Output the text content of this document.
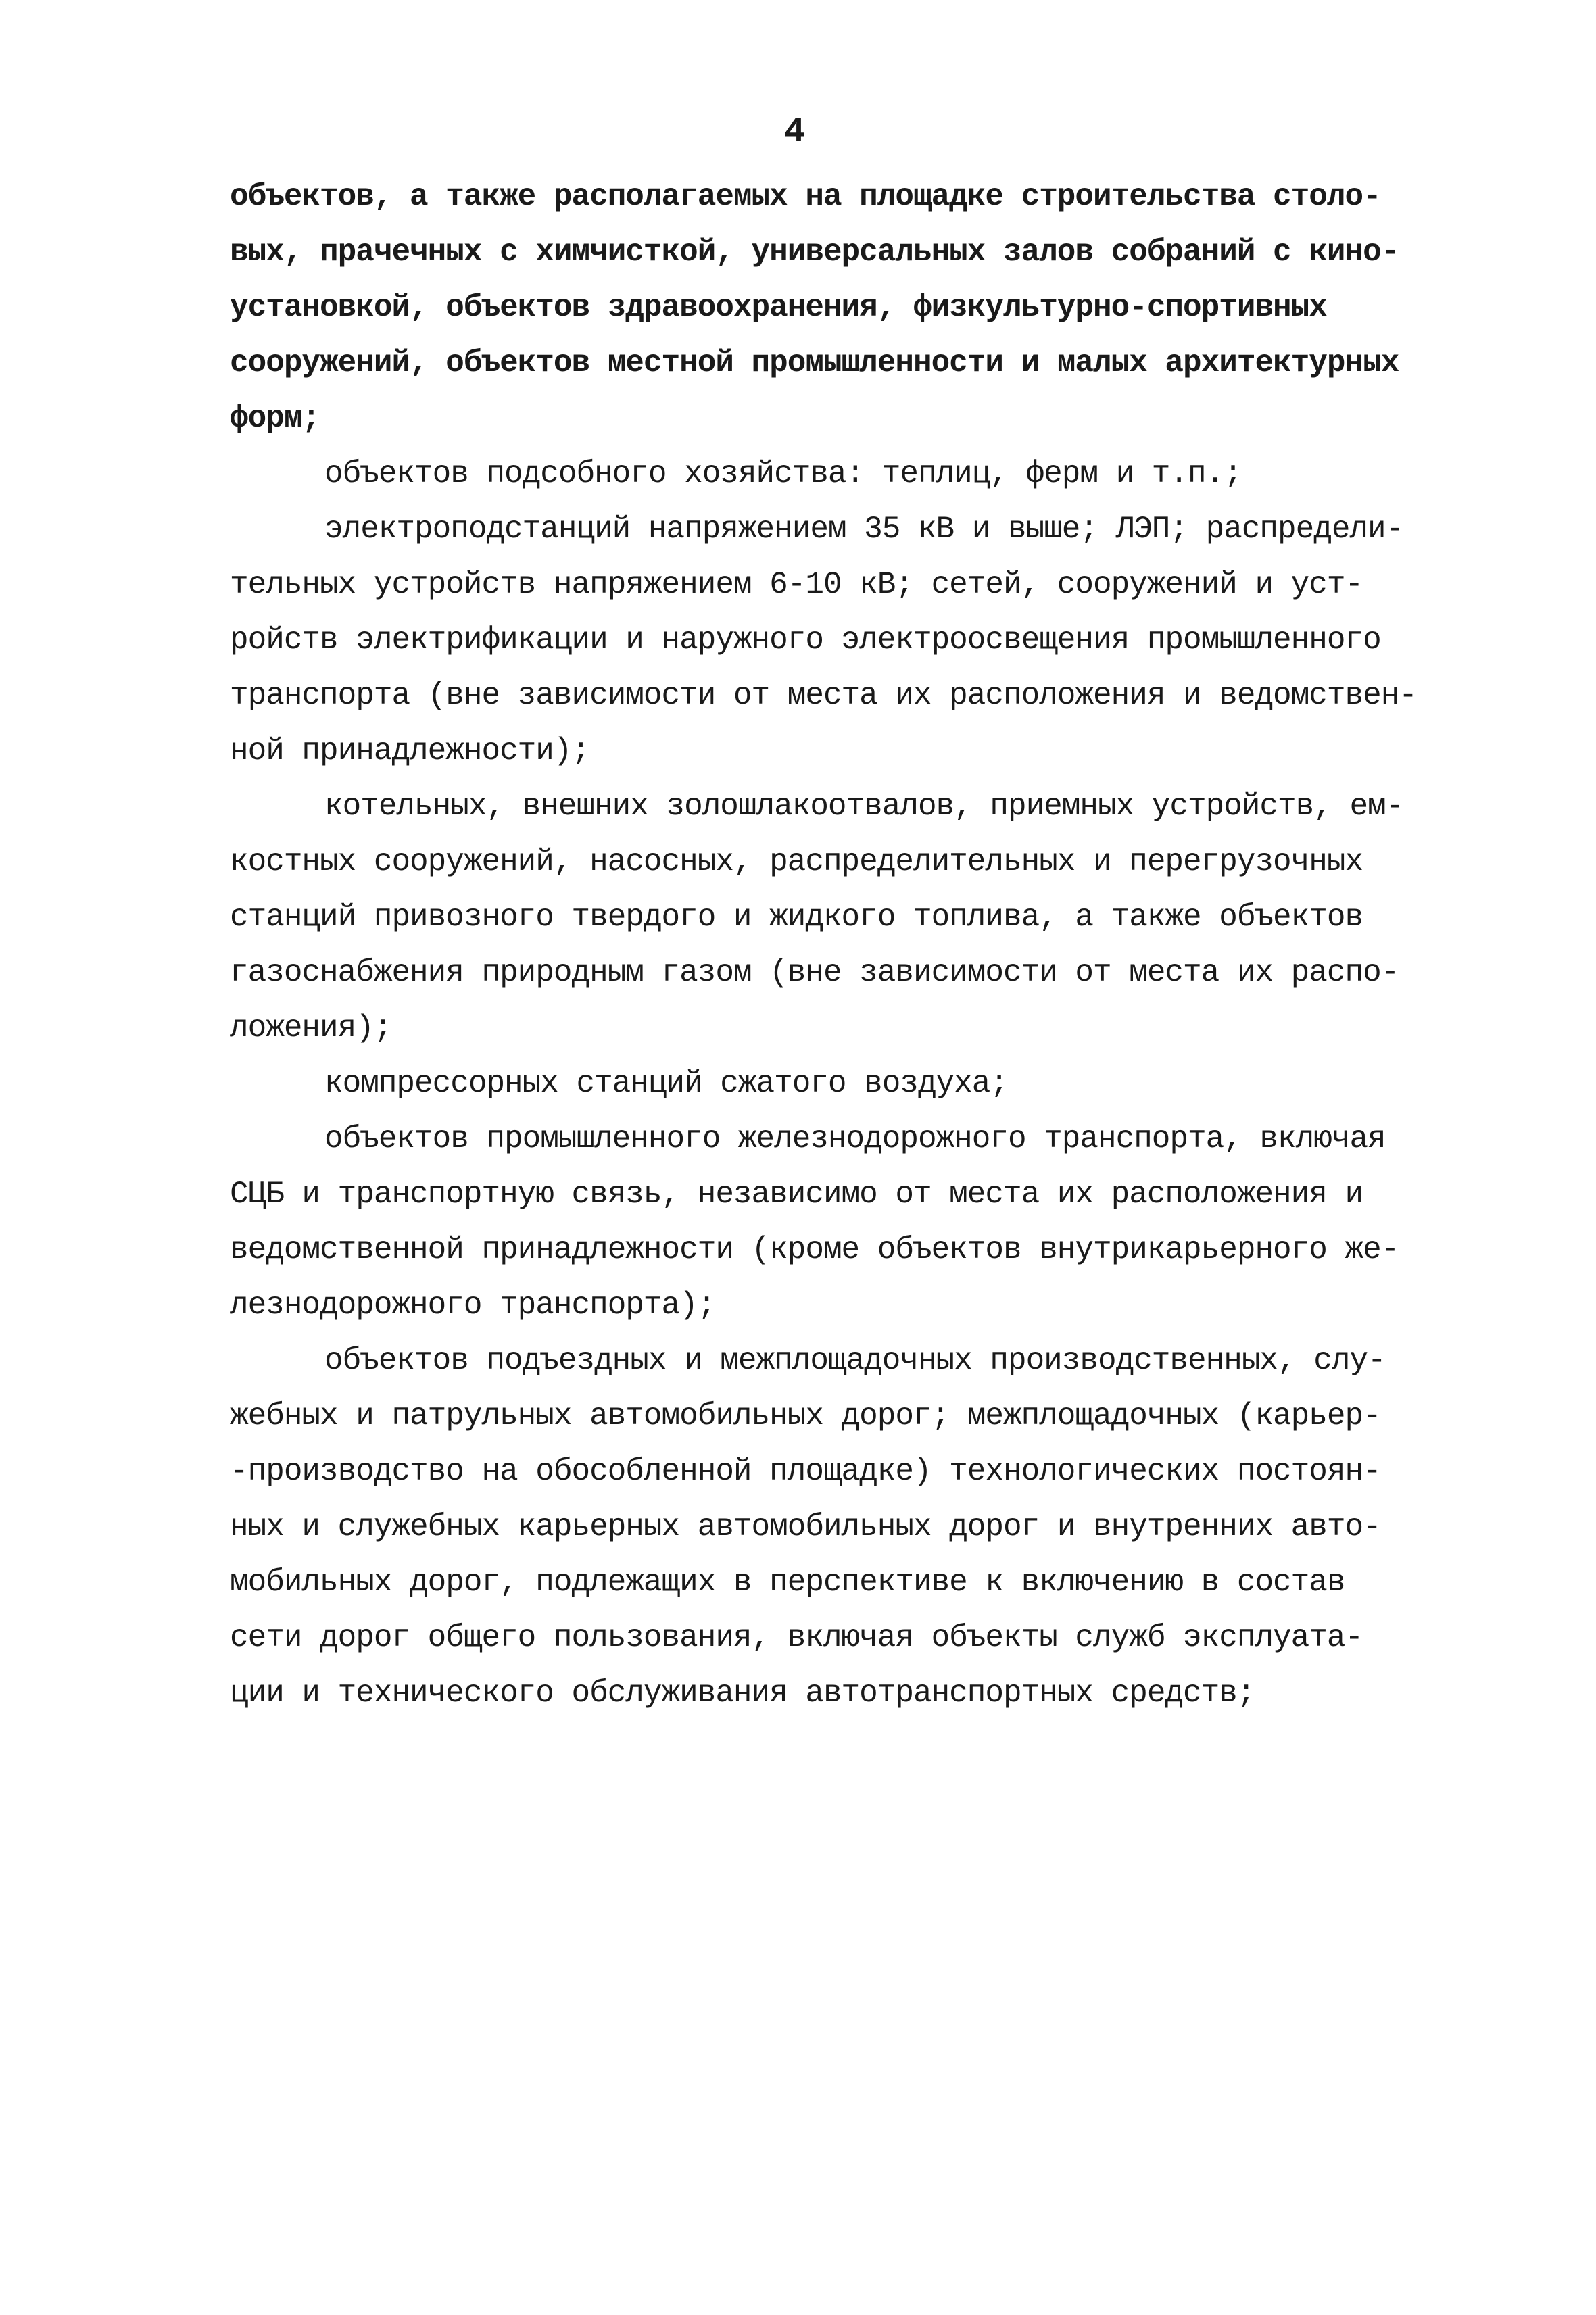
4
объектов, а также располагаемых на площадке строительства столо-
вых, прачечных с химчисткой, универсальных залов собраний с кино-
установкой, объектов здравоохранения, физкультурно-спортивных
сооружений, объектов местной промышленности и малых архитектурных
форм;
объектов подсобного хозяйства: теплиц, ферм и т.п.;
электроподстанций напряжением 35 кВ и выше; ЛЭП; распредели-
тельных устройств напряжением 6-10 кВ; сетей, сооружений и уст-
ройств электрификации и наружного электроосвещения промышленного
транспорта (вне зависимости от места их расположения и ведомствен-
ной принадлежности);
котельных, внешних золошлакоотвалов, приемных устройств, ем-
костных сооружений, насосных, распределительных и перегрузочных
станций привозного твердого и жидкого топлива, а также объектов
газоснабжения природным газом (вне зависимости от места их распо-
ложения);
компрессорных станций сжатого воздуха;
объектов промышленного железнодорожного транспорта, включая
СЦБ и транспортную связь, независимо от места их расположения и
ведомственной принадлежности (кроме объектов внутрикарьерного же-
лезнодорожного транспорта);
объектов подъездных и межплощадочных производственных, слу-
жебных и патрульных автомобильных дорог; межплощадочных (карьер-
-производство на обособленной площадке) технологических постоян-
ных и служебных карьерных автомобильных дорог и внутренних авто-
мобильных дорог, подлежащих в перспективе к включению в состав
сети дорог общего пользования, включая объекты служб эксплуата-
ции и технического обслуживания автотранспортных средств;
